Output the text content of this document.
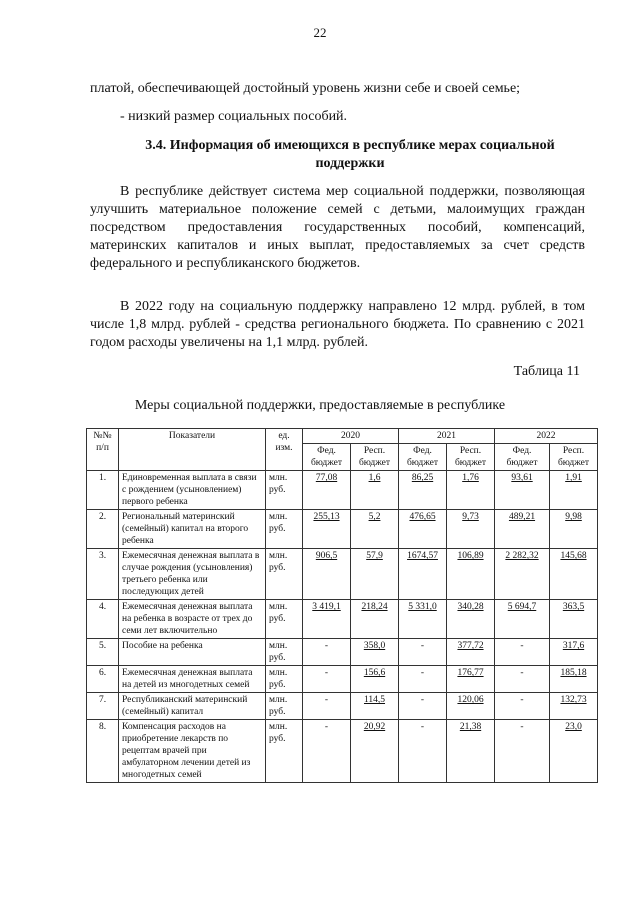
22

платой, обеспечивающей достойный уровень жизни себе и своей семье;

- низкий размер социальных пособий.

3.4. Информация об имеющихся в республике мерах социальной поддержки

В республике действует система мер социальной поддержки, позволяющая улучшить материальное положение семей с детьми, малоимущих граждан посредством предоставления государственных пособий, компенсаций, материнских капиталов и иных выплат, предоставляемых за счет средств федерального и республиканского бюджетов.

В 2022 году на социальную поддержку направлено 12 млрд. рублей, в том числе 1,8 млрд. рублей - средства регионального бюджета. По сравнению с 2021 годом расходы увеличены на 1,1 млрд. рублей.

Таблица 11
Меры социальной поддержки, предоставляемые в республике
№№ п/п	Показатели	ед. изм.	2020		2021		2022	
			Фед. бюджет	Респ. бюджет	Фед. бюджет	Респ. бюджет	Фед. бюджет	Респ. бюджет
1.	Единовременная выплата в связи с рождением (усыновлением) первого ребенка	млн. руб.	77,08	1,6	86,25	1,76	93,61	1,91
2.	Региональный материнский (семейный) капитал на второго ребенка	млн. руб.	255,13	5,2	476,65	9,73	489,21	9,98
3.	Ежемесячная денежная выплата в случае рождения (усыновления) третьего ребенка или последующих детей	млн. руб.	906,5	57,9	1674,57	106,89	2 282,32	145,68
4.	Ежемесячная денежная выплата на ребенка в возрасте от трех до семи лет включительно	млн. руб.	3 419,1	218,24	5 331,0	340,28	5 694,7	363,5
5.	Пособие на ребенка	млн. руб.	-	358,0	-	377,72	-	317,6
6.	Ежемесячная денежная выплата на детей из многодетных семей	млн. руб.	-	156,6	-	176,77	-	185,18
7.	Республиканский материнский (семейный) капитал	млн. руб.	-	114,5	-	120,06	-	132,73
8.	Компенсация расходов на приобретение лекарств по рецептам врачей при амбулаторном лечении детей из многодетных семей	млн. руб.	-	20,92	-	21,38	-	23,0
